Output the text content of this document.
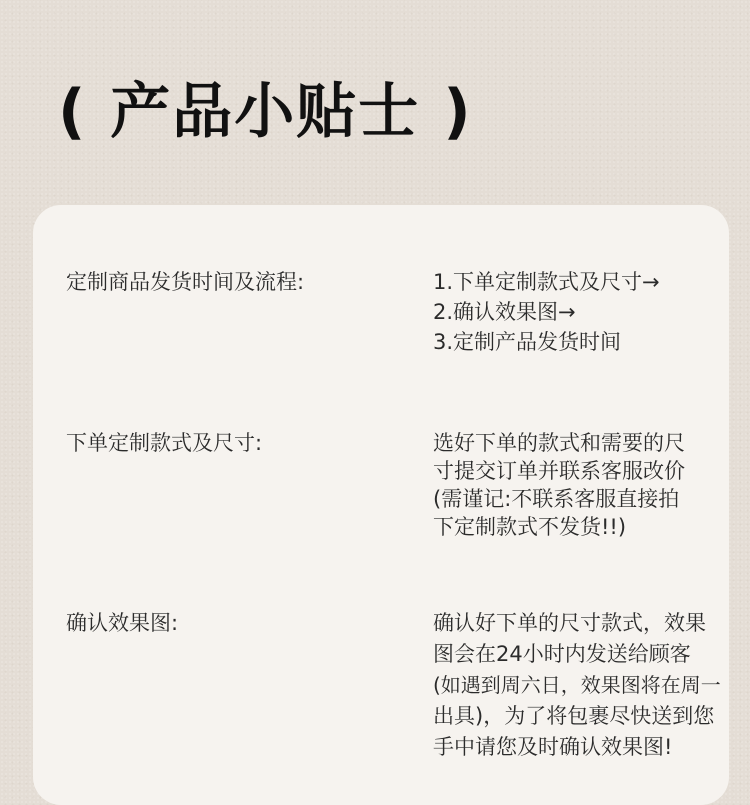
( 产品小贴士 )
定制商品发货时间及流程:	1.下单定制款式及尺寸→
2.确认效果图→
3.定制产品发货时间
下单定制款式及尺寸:	选好下单的款式和需要的尺
寸提交订单并联系客服改价
(需谨记:不联系客服直接拍
下定制款式不发货!!)
确认效果图:	确认好下单的尺寸款式，效果
图会在24小时内发送给顾客
(如遇到周六日，效果图将在周一
出具)，为了将包裹尽快送到您
手中请您及时确认效果图!
